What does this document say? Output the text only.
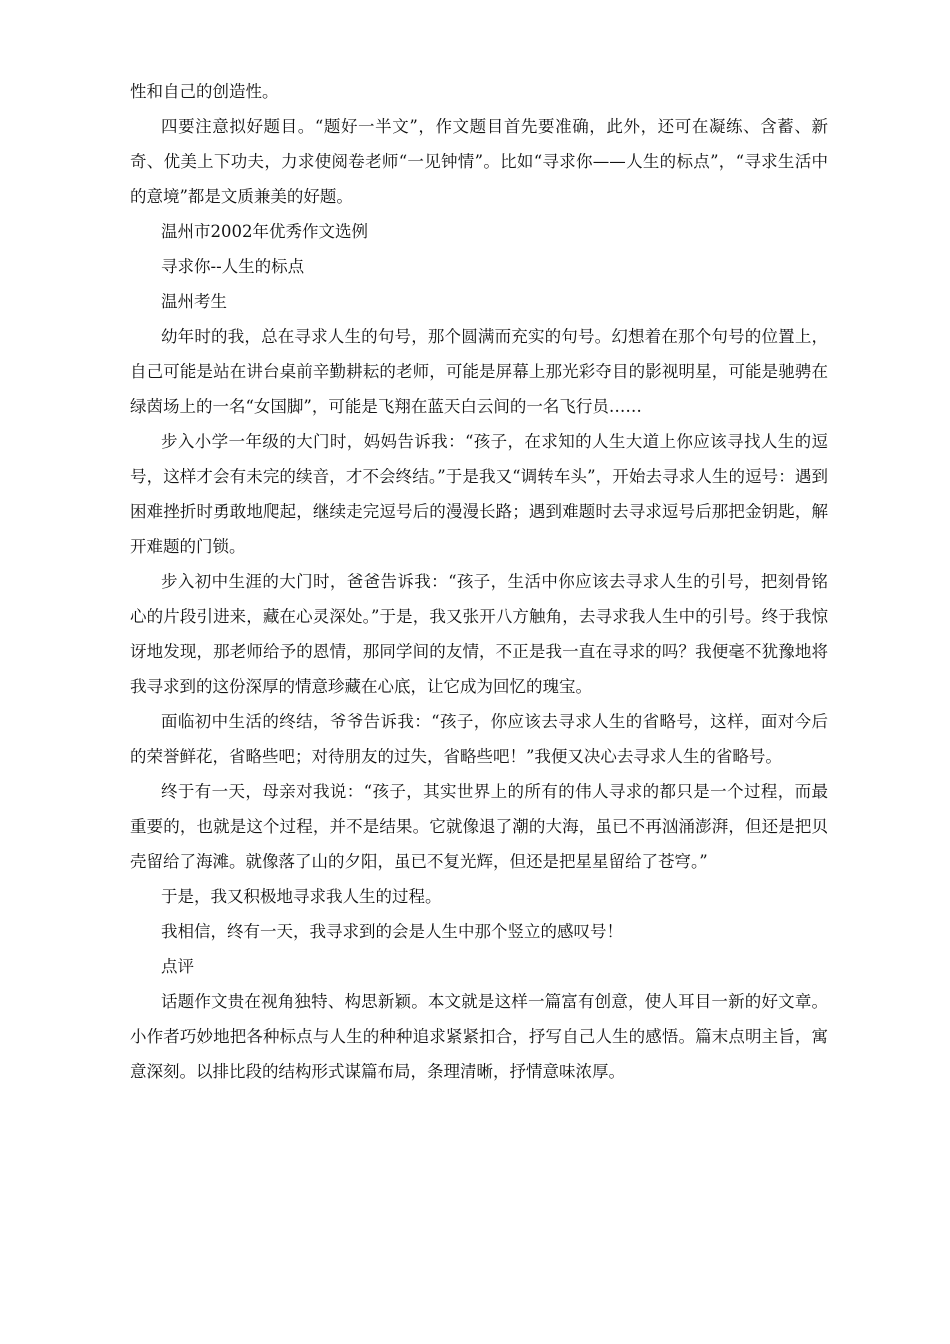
性和自己的创造性。

四要注意拟好题目。“题好一半文”，作文题目首先要准确，此外，还可在凝练、含蓄、新奇、优美上下功夫，力求使阅卷老师“一见钟情”。比如“寻求你——人生的标点”，“寻求生活中的意境”都是文质兼美的好题。

温州市2002年优秀作文选例

寻求你--人生的标点

温州考生

幼年时的我，总在寻求人生的句号，那个圆满而充实的句号。幻想着在那个句号的位置上，自己可能是站在讲台桌前辛勤耕耘的老师，可能是屏幕上那光彩夺目的影视明星，可能是驰骋在绿茵场上的一名“女国脚”，可能是飞翔在蓝天白云间的一名飞行员……

步入小学一年级的大门时，妈妈告诉我：“孩子，在求知的人生大道上你应该寻找人生的逗号，这样才会有未完的续音，才不会终结。”于是我又“调转车头”，开始去寻求人生的逗号：遇到困难挫折时勇敢地爬起，继续走完逗号后的漫漫长路；遇到难题时去寻求逗号后那把金钥匙，解开难题的门锁。

步入初中生涯的大门时，爸爸告诉我：“孩子，生活中你应该去寻求人生的引号，把刻骨铭心的片段引进来，藏在心灵深处。”于是，我又张开八方触角，去寻求我人生中的引号。终于我惊讶地发现，那老师给予的恩情，那同学间的友情，不正是我一直在寻求的吗？我便毫不犹豫地将我寻求到的这份深厚的情意珍藏在心底，让它成为回忆的瑰宝。

面临初中生活的终结，爷爷告诉我：“孩子，你应该去寻求人生的省略号，这样，面对今后的荣誉鲜花，省略些吧；对待朋友的过失，省略些吧！”我便又决心去寻求人生的省略号。

终于有一天，母亲对我说：“孩子，其实世界上的所有的伟人寻求的都只是一个过程，而最重要的，也就是这个过程，并不是结果。它就像退了潮的大海，虽已不再汹涌澎湃，但还是把贝壳留给了海滩。就像落了山的夕阳，虽已不复光辉，但还是把星星留给了苍穹。”

于是，我又积极地寻求我人生的过程。

我相信，终有一天，我寻求到的会是人生中那个竖立的感叹号！

点评

话题作文贵在视角独特、构思新颖。本文就是这样一篇富有创意，使人耳目一新的好文章。小作者巧妙地把各种标点与人生的种种追求紧紧扣合，抒写自己人生的感悟。篇末点明主旨，寓意深刻。以排比段的结构形式谋篇布局，条理清晰，抒情意味浓厚。
